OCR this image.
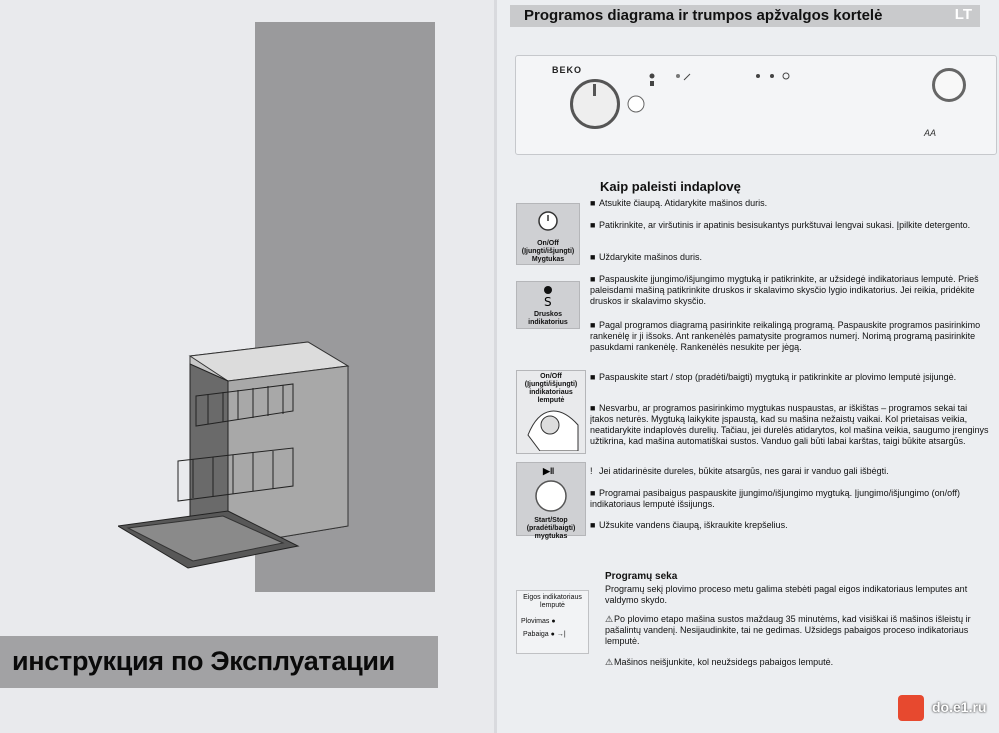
инструкция по Эксплуатации
Programos diagrama ir trumpos apžvalgos kortelė	LT
BEKO
AA
Kaip paleisti indaplovę
On/Off (Įjungti/išjungti) Mygtukas
S
Druskos indikatorius
On/Off (Įjungti/išjungti) indikatoriaus lemputė
▶ǁ
Start/Stop (pradėti/baigti) mygtukas
■ Atsukite čiaupą. Atidarykite mašinos duris.
■ Patikrinkite, ar viršutinis ir apatinis besisukantys purkštuvai lengvai sukasi. Įpilkite detergento.
■ Uždarykite mašinos duris.
■ Paspauskite įjungimo/išjungimo mygtuką ir patikrinkite, ar užsidegė indikatoriaus lemputė. Prieš paleisdami mašiną patikrinkite druskos ir skalavimo skysčio lygio indikatorius. Jei reikia, pridėkite druskos ir skalavimo skysčio.
■ Pagal programos diagramą pasirinkite reikalingą programą. Paspauskite programos pasirinkimo rankenėlę ir ji išsoks. Ant rankenėlės pamatysite programos numerį. Norimą programą pasirinkite pasukdami rankenėlę. Rankenėlės nesukite per jėgą.
■ Paspauskite start / stop (pradėti/baigti) mygtuką ir patikrinkite ar plovimo lemputė įsijungė.
■ Nesvarbu, ar programos pasirinkimo mygtukas nuspaustas, ar iškištas – programos sekai tai įtakos neturės. Mygtuką laikykite įspaustą, kad su mašina nežaistų vaikai. Kol prietaisas veikia, neatidarykite indaplovės durelių. Tačiau, jei durelės atidarytos, kol mašina veikia, saugumo įrenginys užtikrina, kad mašina automatiškai sustos. Vanduo gali būti labai karštas, taigi būkite atsargūs.
! Jei atidarinėsite dureles, būkite atsargūs, nes garai ir vanduo gali išbėgti.
■ Programai pasibaigus paspauskite įjungimo/išjungimo mygtuką. Įjungimo/išjungimo (on/off) indikatoriaus lemputė išsijungs.
■ Užsukite vandens čiaupą, iškraukite krepšelius.
Programų seka
Eigos indikatoriaus lemputė
Plovimas ●
Pabaiga ● →|
Programų sekį plovimo proceso metu galima stebėti pagal eigos indikatoriaus lemputes ant valdymo skydo.
⚠Po plovimo etapo mašina sustos maždaug 35 minutėms, kad visiškai iš mašinos išleistų ir pašalintų vandenį. Nesijaudinkite, tai ne gedimas. Užsidegs pabaigos proceso indikatoriaus lemputė.
⚠Mašinos neišjunkite, kol neužsidegs pabaigos lemputė.
do.e1.ru
